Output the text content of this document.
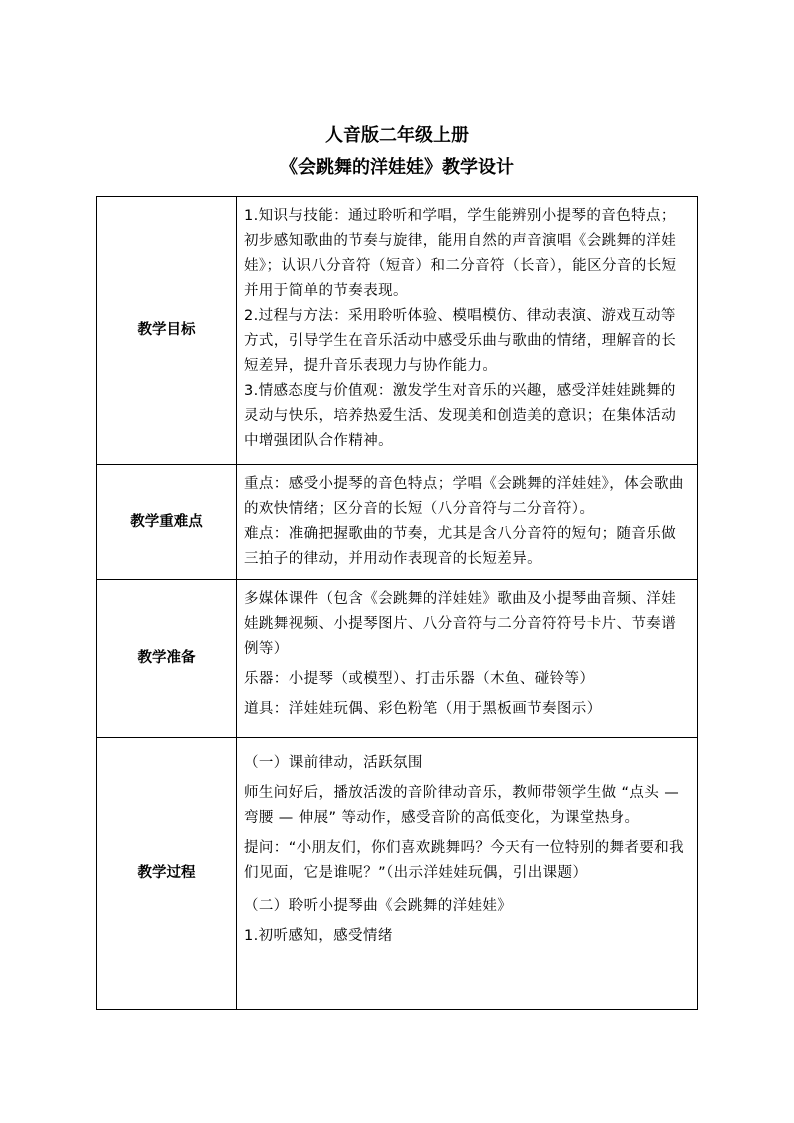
人音版二年级上册
《会跳舞的洋娃娃》教学设计
教学目标	1.知识与技能：通过聆听和学唱，学生能辨别小提琴的音色特点；初步感知歌曲的节奏与旋律，能用自然的声音演唱《会跳舞的洋娃娃》；认识八分音符（短音）和二分音符（长音），能区分音的长短并用于简单的节奏表现。

2.过程与方法：采用聆听体验、模唱模仿、律动表演、游戏互动等方式，引导学生在音乐活动中感受乐曲与歌曲的情绪，理解音的长短差异，提升音乐表现力与协作能力。

3.情感态度与价值观：激发学生对音乐的兴趣，感受洋娃娃跳舞的灵动与快乐，培养热爱生活、发现美和创造美的意识；在集体活动中增强团队合作精神。

教学重难点	重点：感受小提琴的音色特点；学唱《会跳舞的洋娃娃》，体会歌曲的欢快情绪；区分音的长短（八分音符与二分音符）。

难点：准确把握歌曲的节奏，尤其是含八分音符的短句；随音乐做三拍子的律动，并用动作表现音的长短差异。

教学准备	多媒体课件（包含《会跳舞的洋娃娃》歌曲及小提琴曲音频、洋娃娃跳舞视频、小提琴图片、八分音符与二分音符符号卡片、节奏谱例等）

乐器：小提琴（或模型）、打击乐器（木鱼、碰铃等）

道具：洋娃娃玩偶、彩色粉笔（用于黑板画节奏图示）

教学过程	（一）课前律动，活跃氛围

师生问好后，播放活泼的音阶律动音乐，教师带领学生做 “点头 — 弯腰 — 伸展” 等动作，感受音阶的高低变化，为课堂热身。

提问：“小朋友们，你们喜欢跳舞吗？今天有一位特别的舞者要和我们见面，它是谁呢？”（出示洋娃娃玩偶，引出课题）

（二）聆听小提琴曲《会跳舞的洋娃娃》

1.初听感知，感受情绪
